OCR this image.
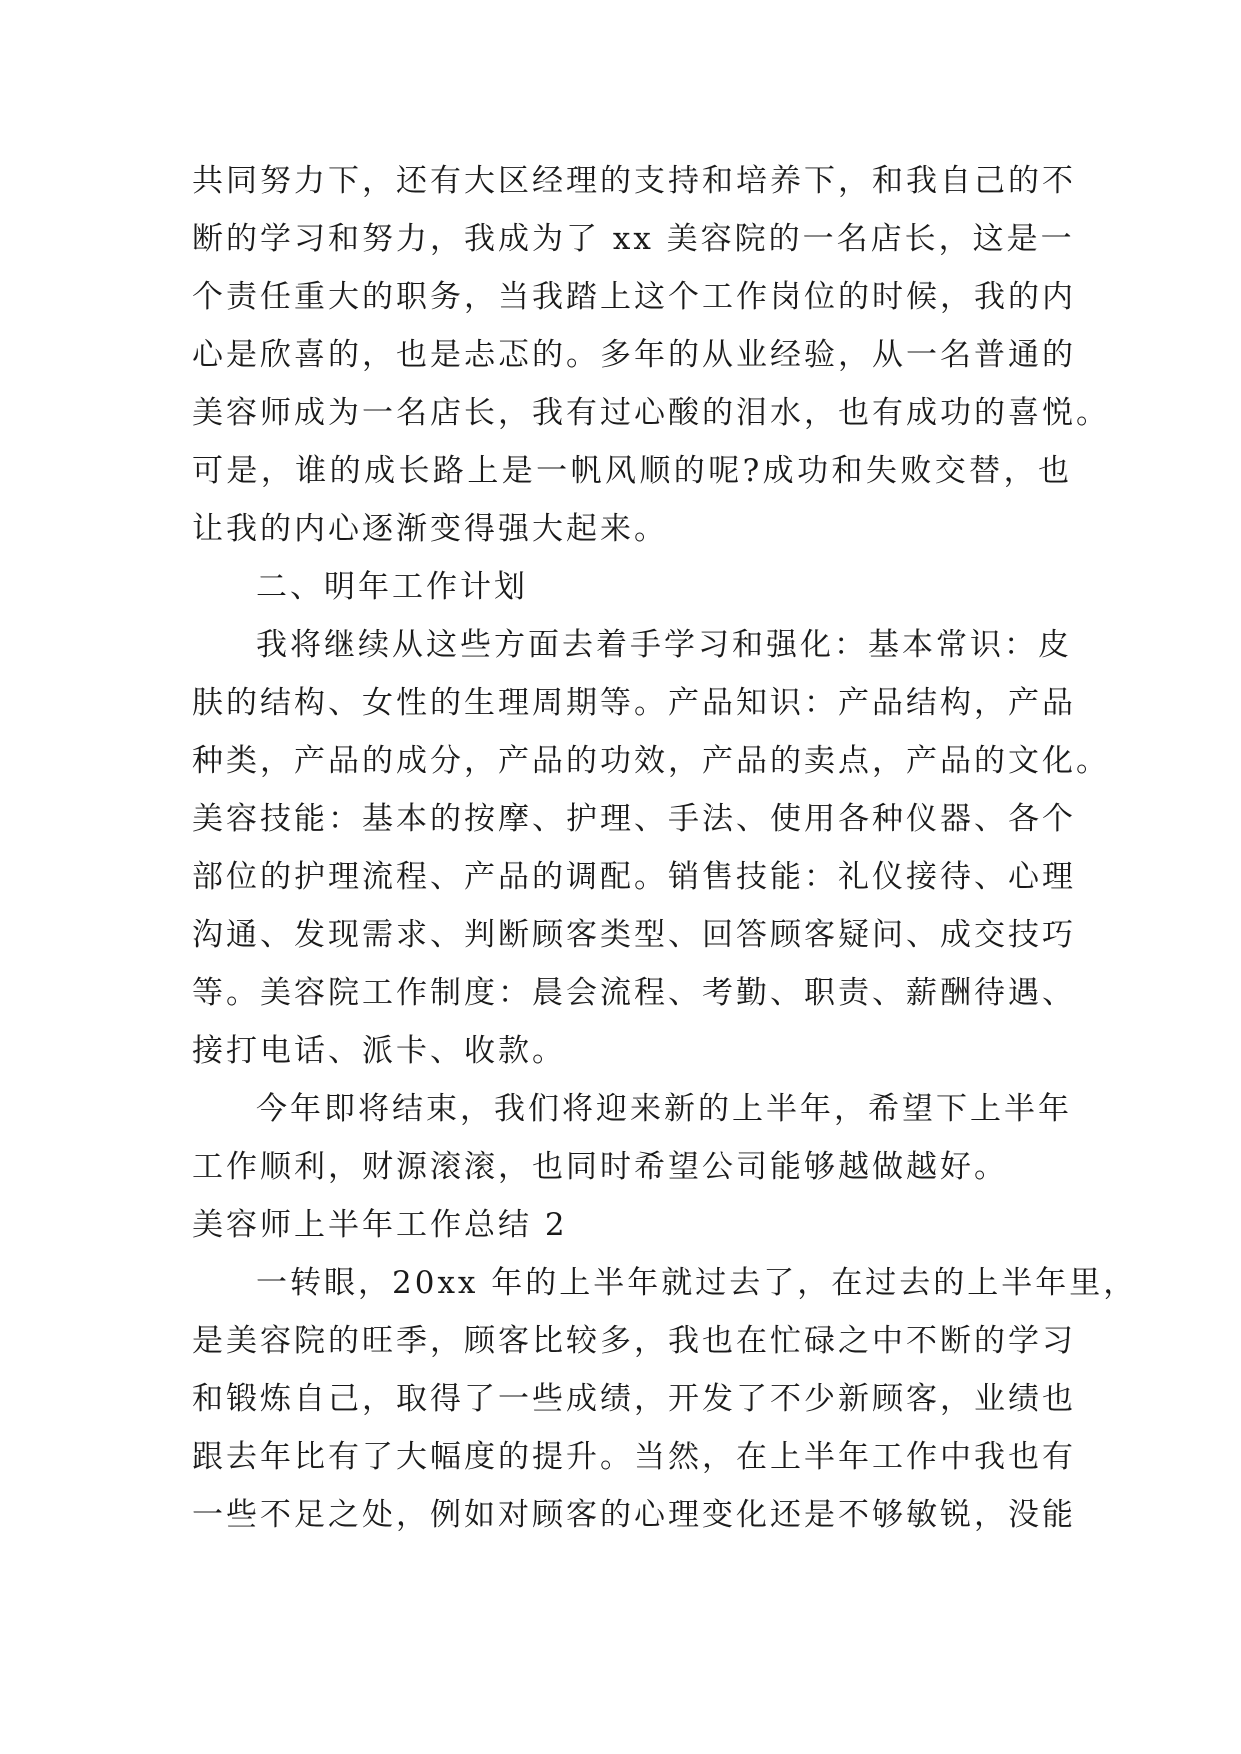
共同努力下，还有大区经理的支持和培养下，和我自己的不
断的学习和努力，我成为了 xx 美容院的一名店长，这是一
个责任重大的职务，当我踏上这个工作岗位的时候，我的内
心是欣喜的，也是忐忑的。多年的从业经验，从一名普通的
美容师成为一名店长，我有过心酸的泪水，也有成功的喜悦。
可是，谁的成长路上是一帆风顺的呢?成功和失败交替，也
让我的内心逐渐变得强大起来。
二、明年工作计划
我将继续从这些方面去着手学习和强化：基本常识：皮
肤的结构、女性的生理周期等。产品知识：产品结构，产品
种类，产品的成分，产品的功效，产品的卖点，产品的文化。
美容技能：基本的按摩、护理、手法、使用各种仪器、各个
部位的护理流程、产品的调配。销售技能：礼仪接待、心理
沟通、发现需求、判断顾客类型、回答顾客疑问、成交技巧
等。美容院工作制度：晨会流程、考勤、职责、薪酬待遇、
接打电话、派卡、收款。
今年即将结束，我们将迎来新的上半年，希望下上半年
工作顺利，财源滚滚，也同时希望公司能够越做越好。
美容师上半年工作总结 2
一转眼，20xx 年的上半年就过去了，在过去的上半年里，
是美容院的旺季，顾客比较多，我也在忙碌之中不断的学习
和锻炼自己，取得了一些成绩，开发了不少新顾客，业绩也
跟去年比有了大幅度的提升。当然，在上半年工作中我也有
一些不足之处，例如对顾客的心理变化还是不够敏锐，没能
